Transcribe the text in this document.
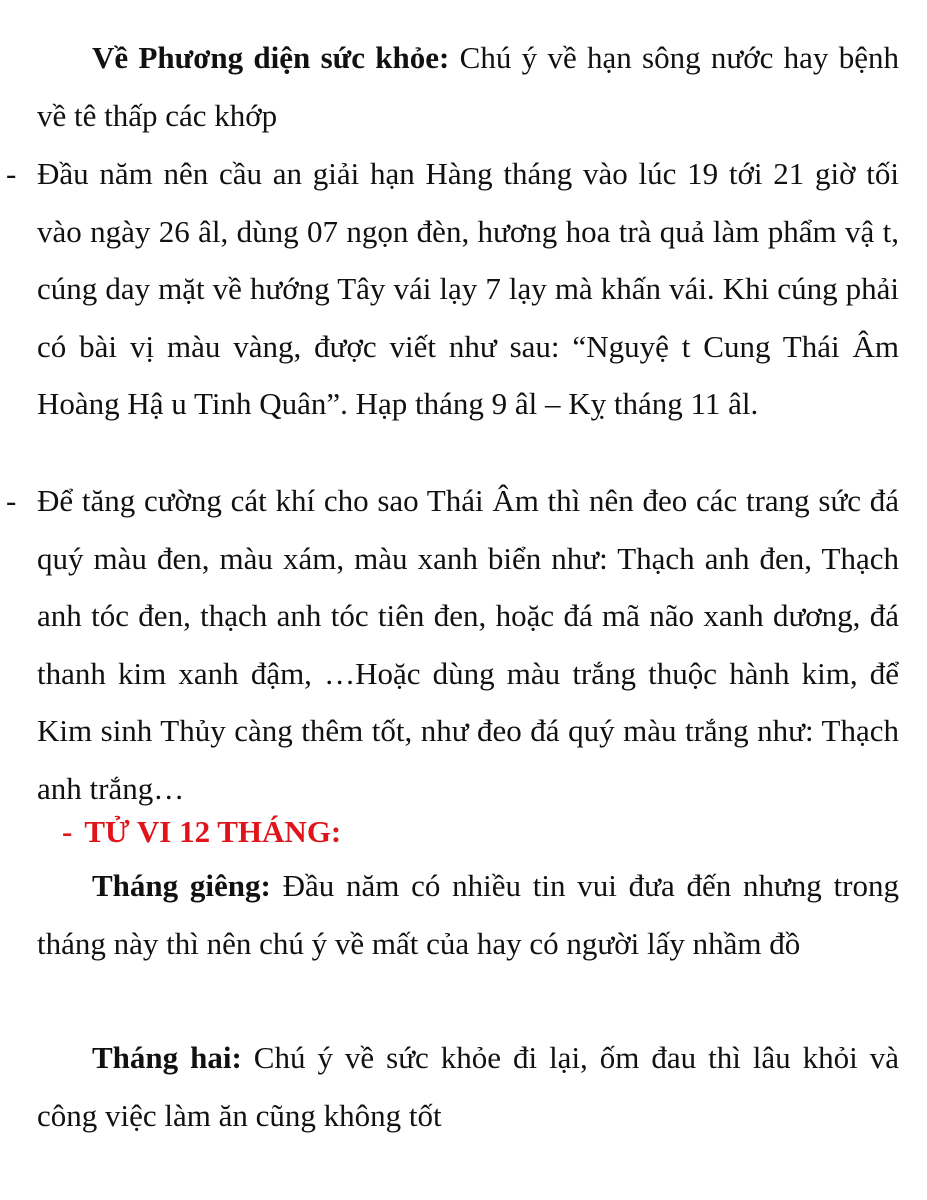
Về Phương diện sức khỏe: Chú ý về hạn sông nước hay bệnh về tê thấp các khớp

- Đầu năm nên cầu an giải hạn Hàng tháng vào lúc 19 tới 21 giờ tối vào ngày 26 âl, dùng 07 ngọn đèn, hương hoa trà quả làm phẩm vậ t, cúng day mặt về hướng Tây vái lạy 7 lạy mà khấn vái. Khi cúng phải có bài vị màu vàng, được viết như sau: “Nguyệ t Cung Thái Âm Hoàng Hậ u Tinh Quân”. Hạp tháng 9 âl – Kỵ tháng 11 âl.

- Để tăng cường cát khí cho sao Thái Âm thì nên đeo các trang sức đá quý màu đen, màu xám, màu xanh biển như: Thạch anh đen, Thạch anh tóc đen, thạch anh tóc tiên đen, hoặc đá mã não xanh dương, đá thanh kim xanh đậm, …Hoặc dùng màu trắng thuộc hành kim, để Kim sinh Thủy càng thêm tốt, như đeo đá quý màu trắng như: Thạch anh trắng…

- TỬ VI 12 THÁNG:

Tháng giêng: Đầu năm có nhiều tin vui đưa đến nhưng trong tháng này thì nên chú ý về mất của hay có người lấy nhầm đồ

Tháng hai: Chú ý về sức khỏe đi lại, ốm đau thì lâu khỏi và công việc làm ăn cũng không tốt
